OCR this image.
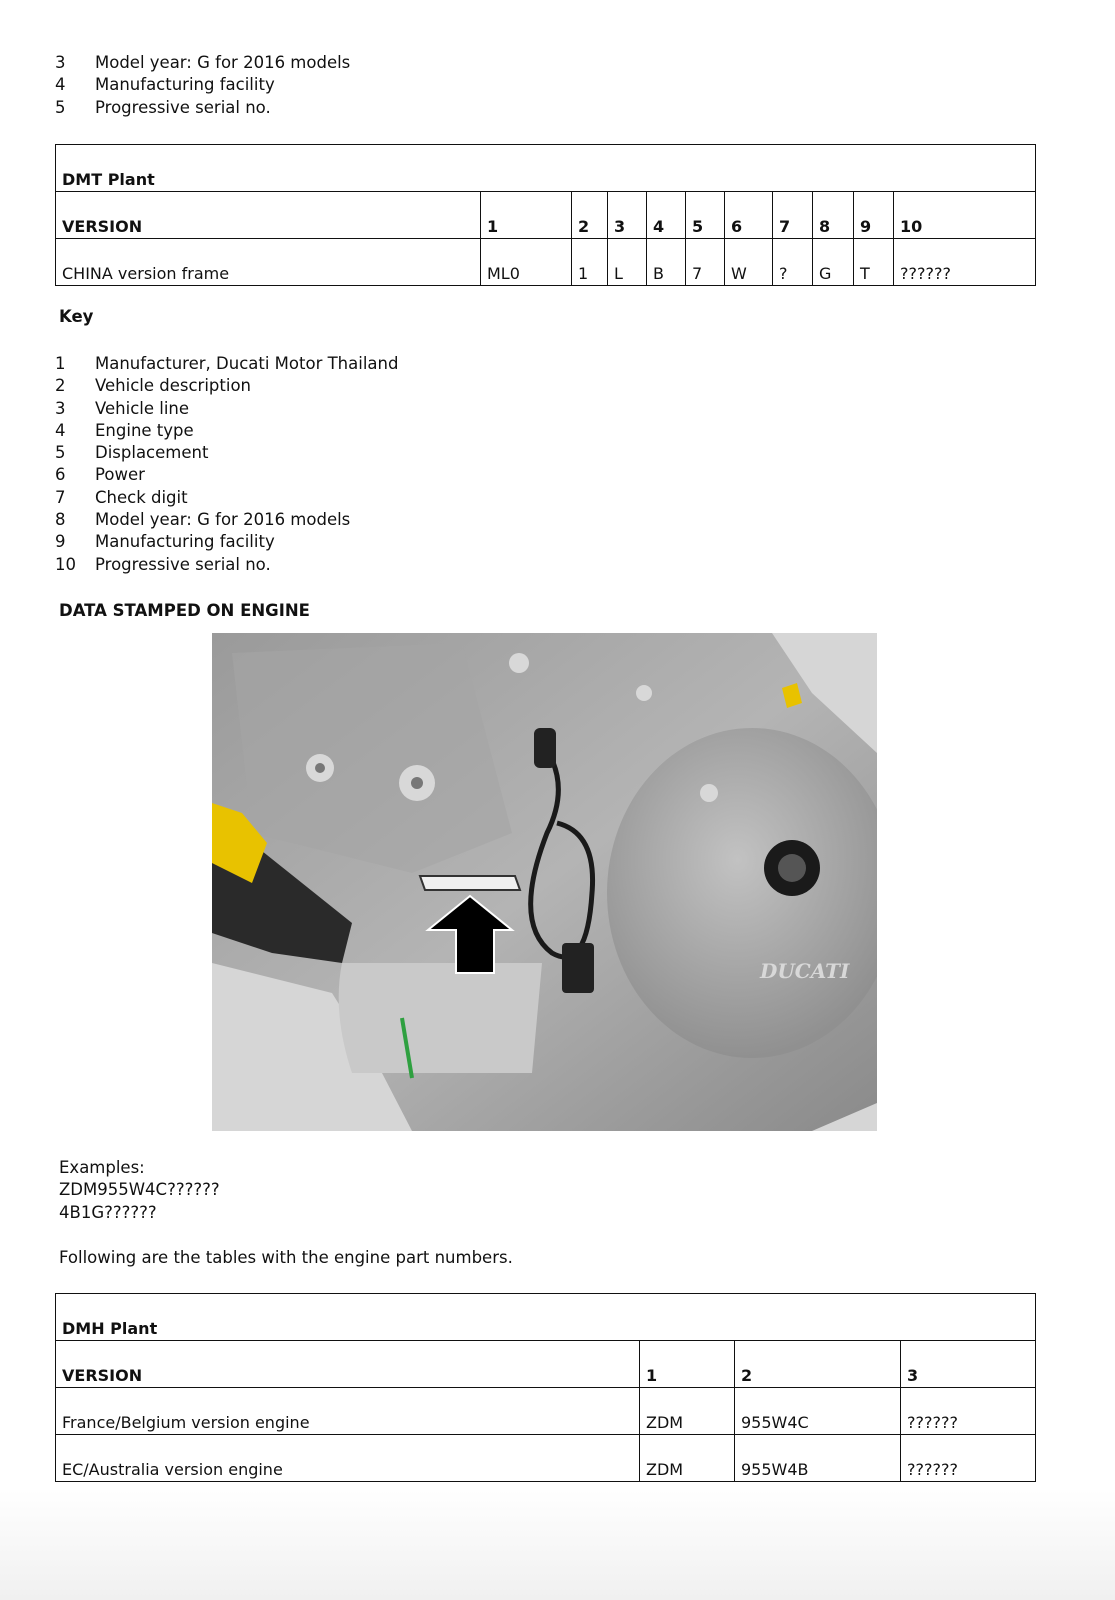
3 Model year: G for 2016 models
4 Manufacturing facility
5 Progressive serial no.
DMT Plant										
VERSION	1	2	3	4	5	6	7	8	9	10
CHINA version frame	ML0	1	L	B	7	W	?	G	T	??????
Key
1 Manufacturer, Ducati Motor Thailand
2 Vehicle description
3 Vehicle line
4 Engine type
5 Displacement
6 Power
7 Check digit
8 Model year: G for 2016 models
9 Manufacturing facility
10 Progressive serial no.
DATA STAMPED ON ENGINE
DUCATI
Examples:
ZDM955W4C??????
4B1G??????
Following are the tables with the engine part numbers.
DMH Plant			
VERSION	1	2	3
France/Belgium version engine	ZDM	955W4C	??????
EC/Australia version engine	ZDM	955W4B	??????
